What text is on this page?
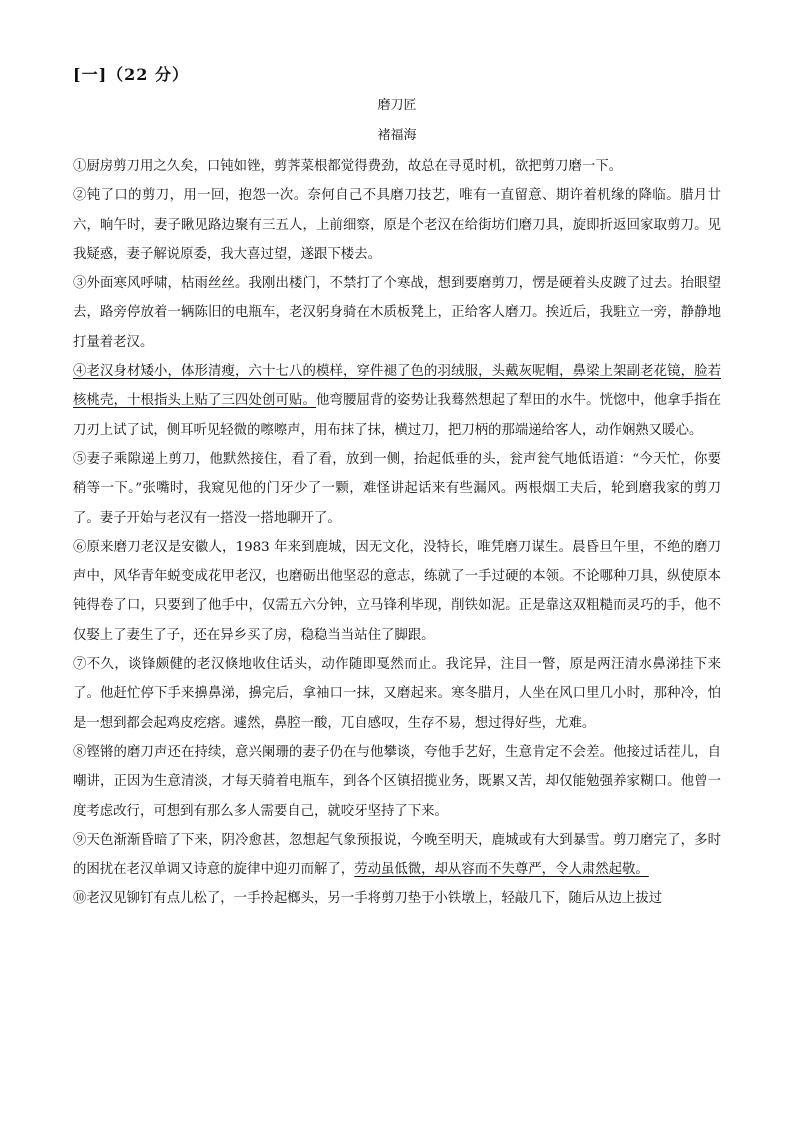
[一]（22 分）
磨刀匠
褚福海

①厨房剪刀用之久矣，口钝如锉，剪荠菜根都觉得费劲，故总在寻觅时机，欲把剪刀磨一下。

②钝了口的剪刀，用一回，抱怨一次。奈何自己不具磨刀技艺，唯有一直留意、期许着机缘的降临。腊月廿六，晌午时，妻子瞅见路边聚有三五人，上前细察，原是个老汉在给街坊们磨刀具，旋即折返回家取剪刀。见我疑惑，妻子解说原委，我大喜过望，遂跟下楼去。

③外面寒风呼啸，枯雨丝丝。我刚出楼门，不禁打了个寒战，想到要磨剪刀，愣是硬着头皮踱了过去。抬眼望去，路旁停放着一辆陈旧的电瓶车，老汉躬身骑在木质板凳上，正给客人磨刀。挨近后，我駐立一旁，静静地打量着老汉。

④老汉身材矮小，体形清瘦，六十七八的模样，穿件褪了色的羽绒服，头戴灰呢帽，鼻梁上架副老花镜，脸若核桃壳，十根指头上贴了三四处创可贴。他弯腰屈背的姿势让我蓦然想起了犁田的水牛。恍惚中，他拿手指在刀刃上试了试，侧耳听见轻微的嚓嚓声，用布抹了抹，横过刀，把刀柄的那端递给客人，动作娴熟又暖心。

⑤妻子乘隙递上剪刀，他默然接住，看了看，放到一侧，抬起低垂的头，瓮声瓮气地低语道：“今天忙，你要稍等一下。”张嘴时，我窥见他的门牙少了一颗，难怪讲起话来有些漏风。两根烟工夫后，轮到磨我家的剪刀了。妻子开始与老汉有一搭没一搭地聊开了。

⑥原来磨刀老汉是安徽人，1983 年来到鹿城，因无文化，没特长，唯凭磨刀谋生。晨昏旦午里，不绝的磨刀声中，风华青年蜕变成花甲老汉，也磨砺出他坚忍的意志，练就了一手过硬的本领。不论哪种刀具，纵使原本钝得卷了口，只要到了他手中，仅需五六分钟，立马锋利毕现，削铁如泥。正是靠这双粗糙而灵巧的手，他不仅娶上了妻生了子，还在异乡买了房，稳稳当当站住了脚跟。

⑦不久，谈锋颇健的老汉倏地收住话头，动作随即戛然而止。我诧异，注目一瞥，原是两汪清水鼻涕挂下来了。他赶忙停下手来擤鼻涕，擤完后，拿袖口一抹，又磨起来。寒冬腊月，人坐在风口里几小时，那种冷，怕是一想到都会起鸡皮疙瘩。遽然，鼻腔一酸，兀自感叹，生存不易，想过得好些，尤难。

⑧铿锵的磨刀声还在持续，意兴阑珊的妻子仍在与他攀谈，夸他手艺好，生意肯定不会差。他接过话茬儿，自嘲讲，正因为生意清淡，才每天骑着电瓶车，到各个区镇招揽业务，既累又苦，却仅能勉强养家糊口。他曾一度考虑改行，可想到有那么多人需要自己，就咬牙坚持了下来。

⑨天色渐渐昏暗了下来，阴冷愈甚，忽想起气象预报说，今晚至明天，鹿城或有大到暴雪。剪刀磨完了，多时的困扰在老汉单调又诗意的旋律中迎刃而解了，劳动虽低微，却从容而不失尊严，令人肃然起敬。

⑩老汉见铆钉有点儿松了，一手拎起榔头，另一手将剪刀垫于小铁墩上，轻敲几下，随后从边上拔过
